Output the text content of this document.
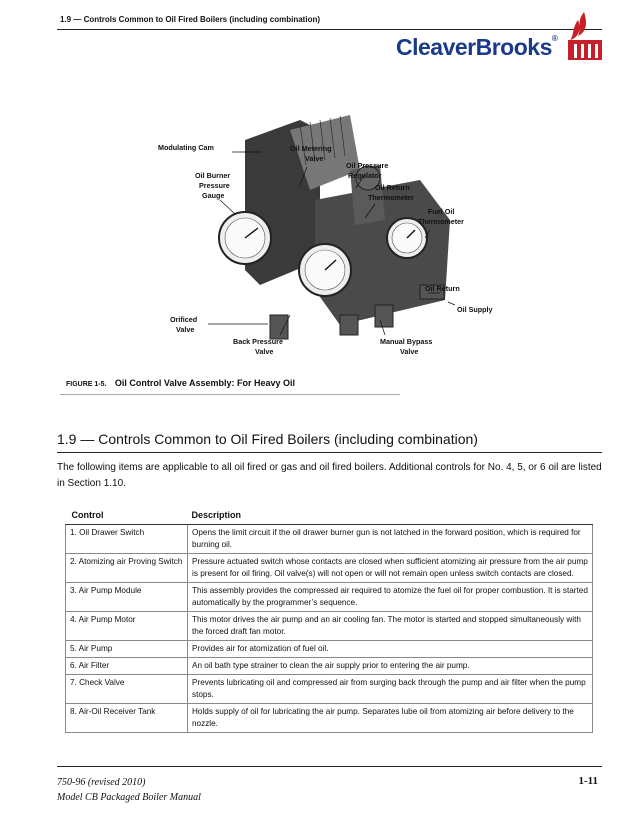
1.9 — Controls Common to Oil Fired Boilers (including combination)
CleaverBrooks®
Modulating Cam	Oil Metering
Valve
Oil Burner
Pressure
Gauge
Oil Pressure
Regulator
Oil Return
Thermometer
Fuel Oil
Thermometer
Oil Return
Oil Supply
Orificed
Valve
Back Pressure
Valve
Manual Bypass
Valve
FIGURE 1-5. Oil Control Valve Assembly: For Heavy Oil
1.9 — Controls Common to Oil Fired Boilers (including combination)
The following items are applicable to all oil fired or gas and oil fired boilers. Additional controls for No. 4, 5, or 6 oil are listed in Section 1.10.
Control	Description
1. Oil Drawer Switch	Opens the limit circuit if the oil drawer burner gun is not latched in the forward position, which is required for burning oil.
2. Atomizing air Proving Switch	Pressure actuated switch whose contacts are closed when sufficient atomizing air pressure from the air pump is present for oil firing. Oil valve(s) will not open or will not remain open unless switch contacts are closed.
3. Air Pump Module	This assembly provides the compressed air required to atomize the fuel oil for proper combustion. It is started automatically by the programmer’s sequence.
4. Air Pump Motor	This motor drives the air pump and an air cooling fan. The motor is started and stopped simultaneously with the forced draft fan motor.
5. Air Pump	Provides air for atomization of fuel oil.
6. Air Filter	An oil bath type strainer to clean the air supply prior to entering the air pump.
7. Check Valve	Prevents lubricating oil and compressed air from surging back through the pump and air filter when the pump stops.
8. Air-Oil Receiver Tank	Holds supply of oil for lubricating the air pump. Separates lube oil from atomizing air before delivery to the nozzle.
750-96 (revised 2010)
Model CB Packaged Boiler Manual
1-11
